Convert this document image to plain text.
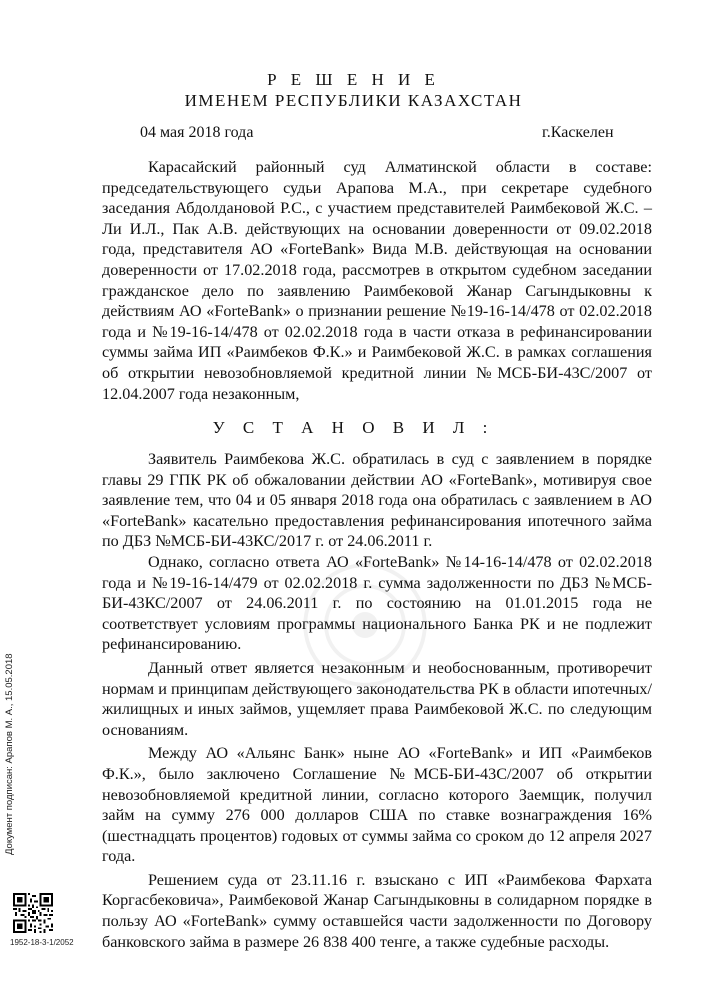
Р Е Ш Е Н И Е
ИМЕНЕМ РЕСПУБЛИКИ КАЗАХСТАН
04 мая 2018 года	г.Каскелен

Карасайский районный суд Алматинской области в составе: председательствующего судьи Арапова М.А., при секретаре судебного заседания Абдолдановой Р.С., с участием представителей Раимбековой Ж.С. – Ли И.Л., Пак А.В. действующих на основании доверенности от 09.02.2018 года, представителя АО «ForteBank» Вида М.В. действующая на основании доверенности от 17.02.2018 года, рассмотрев в открытом судебном заседании гражданское дело по заявлению Раимбековой Жанар Сагындыковны к действиям АО «ForteBank» о признании решение №19-16-14/478 от 02.02.2018 года и №19-16-14/478 от 02.02.2018 года в части отказа в рефинансировании суммы займа ИП «Раимбеков Ф.К.» и Раимбековой Ж.С. в рамках соглашения об открытии невозобновляемой кредитной линии №МСБ-БИ-43С/2007 от 12.04.2007 года незаконным,

У С Т А Н О В И Л :

Заявитель Раимбекова Ж.С. обратилась в суд с заявлением в порядке главы 29 ГПК РК об обжаловании действии АО «ForteBank», мотивируя свое заявление тем, что 04 и 05 января 2018 года она обратилась с заявлением в АО «ForteBank» касательно предоставления рефинансирования ипотечного займа по ДБЗ №МСБ-БИ-43КС/2017 г. от 24.06.2011 г.

Однако, согласно ответа АО «ForteBank» №14-16-14/478 от 02.02.2018 года и №19-16-14/479 от 02.02.2018 г. сумма задолженности по ДБЗ №МСБ-БИ-43КС/2007 от 24.06.2011 г. по состоянию на 01.01.2015 года не соответствует условиям программы национального Банка РК и не подлежит рефинансированию.

Данный ответ является незаконным и необоснованным, противоречит нормам и принципам действующего законодательства РК в области ипотечных/жилищных и иных займов, ущемляет права Раимбековой Ж.С. по следующим основаниям.

Между АО «Альянс Банк» ныне АО «ForteBank» и ИП «Раимбеков Ф.К.», было заключено Соглашение №МСБ-БИ-43С/2007 об открытии невозобновляемой кредитной линии, согласно которого Заемщик, получил займ на сумму 276 000 долларов США по ставке вознаграждения 16% (шестнадцать процентов) годовых от суммы займа со сроком до 12 апреля 2027 года.

Решением суда от 23.11.16 г. взыскано с ИП «Раимбекова Фархата Коргасбековича», Раимбековой Жанар Сагындыковны в солидарном порядке в пользу АО «ForteBank» сумму оставшейся части задолженности по Договору банковского займа в размере 26 838 400 тенге, а также судебные расходы.

Документ подписан: Арапов М. А., 15.05.2018
1952-18-3-1/2052
